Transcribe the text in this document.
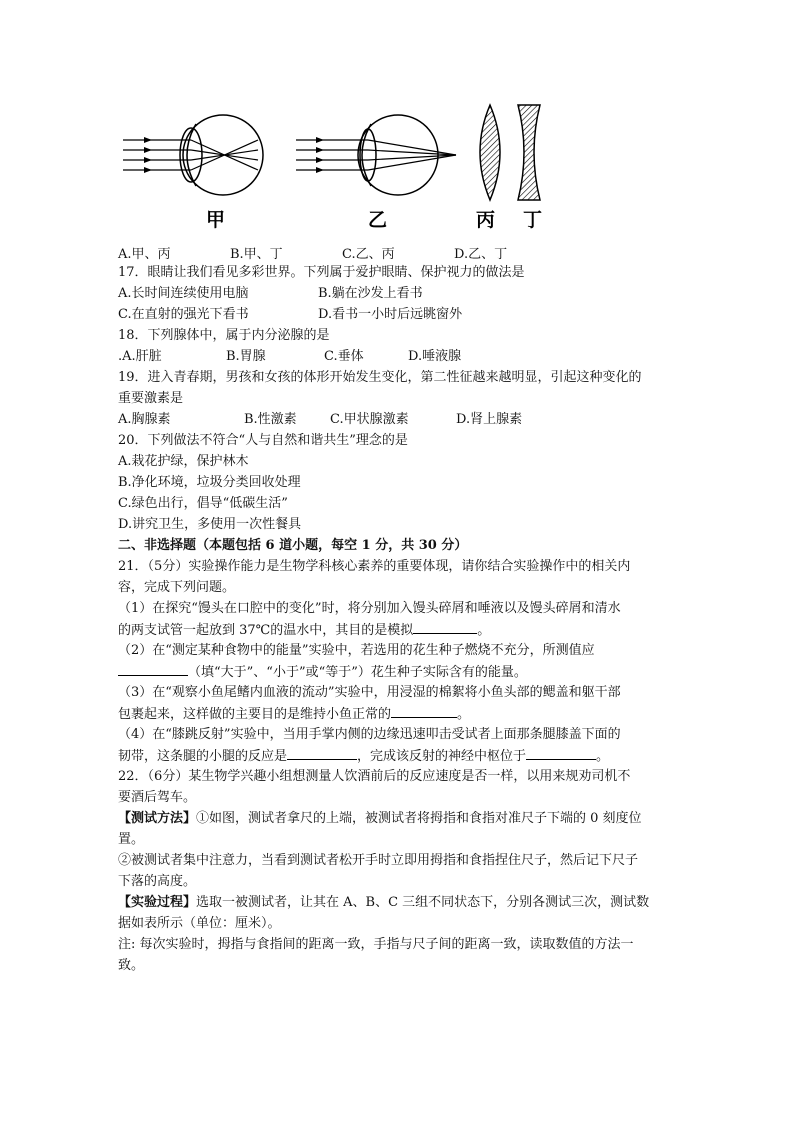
甲	乙	丙 丁
A.甲、丙	B.甲、丁	C.乙、丙	D.乙、丁
17．眼睛让我们看见多彩世界。下列属于爱护眼睛、保护视力的做法是
A.长时间连续使用电脑	B.躺在沙发上看书
C.在直射的强光下看书	D.看书一小时后远眺窗外
18．下列腺体中，属于内分泌腺的是
.A.肝脏	B.胃腺	C.垂体	D.唾液腺
19．进入青春期，男孩和女孩的体形开始发生变化，第二性征越来越明显，引起这种变化的
重要激素是
A.胸腺素	B.性激素	C.甲状腺激素	D.肾上腺素
20．下列做法不符合“人与自然和谐共生”理念的是
A.栽花护绿，保护林木
B.净化环境，垃圾分类回收处理
C.绿色出行，倡导“低碳生活”
D.讲究卫生，多使用一次性餐具
二、非选择题（本题包括 6 道小题，每空 1 分，共 30 分）
21．（5分）实验操作能力是生物学科核心素养的重要体现，请你结合实验操作中的相关内
容，完成下列问题。
（1）在探究“馒头在口腔中的变化”时，将分别加入馒头碎屑和唾液以及馒头碎屑和清水
的两支试管一起放到 37℃的温水中，其目的是模拟	。
（2）在“测定某种食物中的能量”实验中，若选用的花生种子燃烧不充分，所测值应
（填“大于”、“小于”或“等于”）花生种子实际含有的能量。
（3）在“观察小鱼尾鳍内血液的流动”实验中，用浸湿的棉絮将小鱼头部的鳃盖和躯干部
包裹起来，这样做的主要目的是维持小鱼正常的	。
（4）在“膝跳反射”实验中，当用手掌内侧的边缘迅速叩击受试者上面那条腿膝盖下面的
韧带，这条腿的小腿的反应是	，完成该反射的神经中枢位于	。
22．（6分）某生物学兴趣小组想测量人饮酒前后的反应速度是否一样，以用来规劝司机不
要酒后驾车。
【测试方法】①如图，测试者拿尺的上端，被测试者将拇指和食指对准尺子下端的 0 刻度位
置。
②被测试者集中注意力，当看到测试者松开手时立即用拇指和食指捏住尺子，然后记下尺子
下落的高度。
【实验过程】选取一被测试者，让其在 A、B、C 三组不同状态下，分别各测试三次，测试数
据如表所示（单位：厘米）。
注: 每次实验时，拇指与食指间的距离一致，手指与尺子间的距离一致，读取数值的方法一
致。
